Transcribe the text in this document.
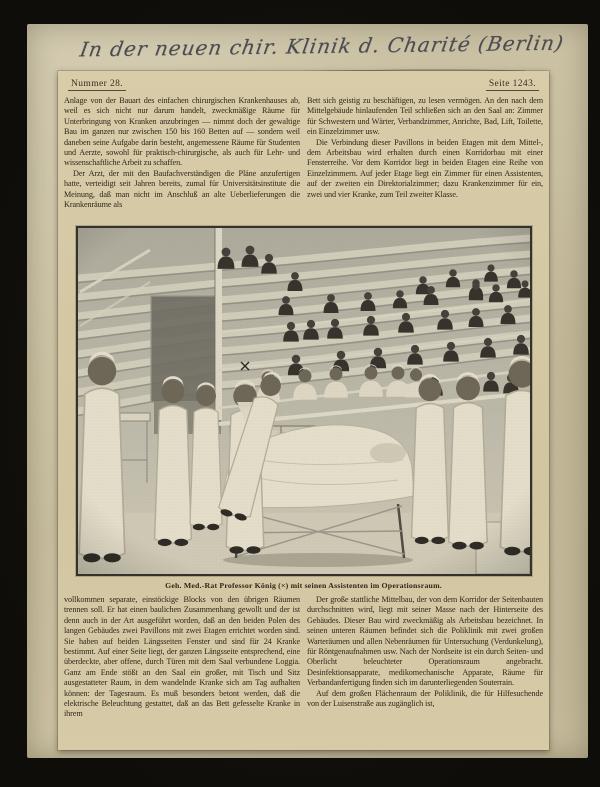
In der neuen chir. Klinik d. Charité (Berlin)
Nummer 28.	Seite 1243.

Anlage von der Bauart des einfachen chirurgischen Krankenhauses ab, weil es sich nicht nur darum handelt, zweckmäßige Räume für Unterbringung von Kranken anzubringen — nimmt doch der gewaltige Bau im ganzen nur zwischen 150 bis 160 Betten auf — sondern weil daneben seine Aufgabe darin besteht, angemessene Räume für Studenten und Aerzte, sowohl für praktisch-chirurgische, als auch für Lehr- und wissenschaftliche Arbeit zu schaffen.

Der Arzt, der mit den Baufachverständigen die Pläne anzufertigen hatte, verteidigt seit Jahren bereits, zumal für Universitätsinstitute die Meinung, daß man nicht im Anschluß an alte Ueberlieferungen die Krankenräume als

Bett sich geistig zu beschäftigen, zu lesen vermögen. An den nach dem Mittelgebäude hinlaufenden Teil schließen sich an den Saal an: Zimmer für Schwestern und Wärter, Verbandzimmer, Anrichte, Bad, Lift, Toilette, ein Einzelzimmer usw.

Die Verbindung dieser Pavillons in beiden Etagen mit dem Mittel-, dem Arbeitsbau wird erhalten durch einen Korridorbau mit einer Fensterreihe. Vor dem Korridor liegt in beiden Etagen eine Reihe von Einzelzimmern. Auf jeder Etage liegt ein Zimmer für einen Assistenten, auf der zweiten ein Direktorialzimmer; dazu Krankenzimmer für ein, zwei und vier Kranke, zum Teil zweiter Klasse.

Geh. Med.-Rat Professor König (×) mit seinen Assistenten im Operationsraum.

vollkommen separate, einstöckige Blocks von den übrigen Räumen trennen soll. Er hat einen baulichen Zusammenhang gewollt und der ist denn auch in der Art ausgeführt worden, daß an den beiden Polen des langen Gebäudes zwei Pavillons mit zwei Etagen errichtet worden sind. Sie haben auf beiden Längsseiten Fenster und sind für 24 Kranke bestimmt. Auf einer Seite liegt, der ganzen Längsseite entsprechend, eine überdeckte, aber offene, durch Türen mit dem Saal verbundene Loggia. Ganz am Ende stößt an den Saal ein großer, mit Tisch und Sitz ausgestatteter Raum, in dem wandelnde Kranke sich am Tag aufhalten können: der Tagesraum. Es muß besonders betont werden, daß die elektrische Beleuchtung gestattet, daß an das Bett gefesselte Kranke in ihrem

Der große stattliche Mittelbau, der von dem Korridor der Seitenbauten durchschnitten wird, liegt mit seiner Masse nach der Hinterseite des Gebäudes. Dieser Bau wird zweckmäßig als Arbeitsbau bezeichnet. In seinen unteren Räumen befindet sich die Poliklinik mit zwei großen Warteräumen und allen Nebenräumen für Untersuchung (Verdunkelung), für Röntgenaufnahmen usw. Nach der Nordseite ist ein durch Seiten- und Oberlicht beleuchteter Operationsraum angebracht. Desinfektionsapparate, medikomechanische Apparate, Räume für Verbandanfertigung finden sich im darunterliegenden Souterrain.

Auf dem großen Flächenraum der Poliklinik, die für Hilfesuchende von der Luisenstraße aus zugänglich ist,
